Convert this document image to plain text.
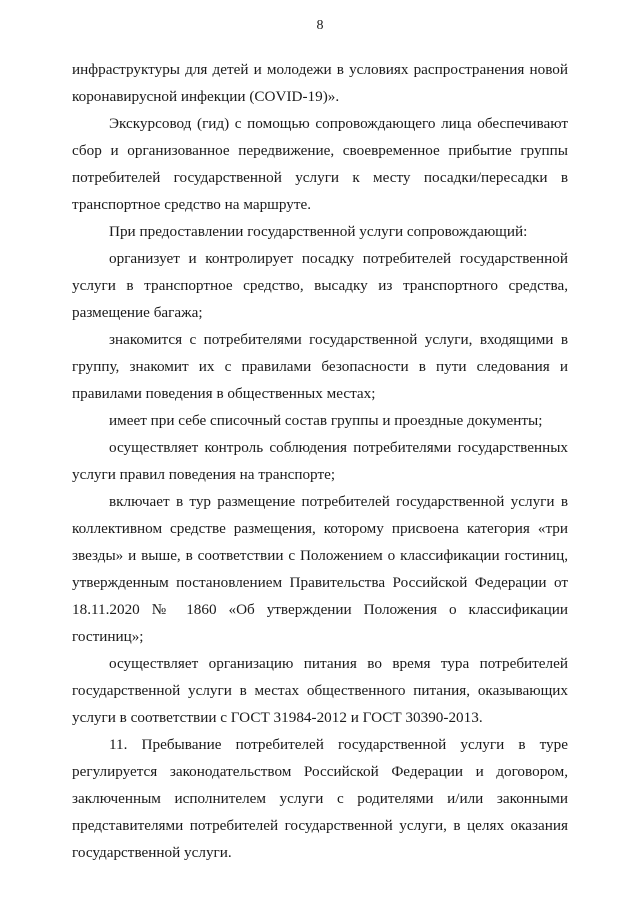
8

инфраструктуры для детей и молодежи в условиях распространения новой коронавирусной инфекции (COVID-19)».

Экскурсовод (гид) с помощью сопровождающего лица обеспечивают сбор и организованное передвижение, своевременное прибытие группы потребителей государственной услуги к месту посадки/пересадки в транспортное средство на маршруте.

При предоставлении государственной услуги сопровождающий:

организует и контролирует посадку потребителей государственной услуги в транспортное средство, высадку из транспортного средства, размещение багажа;

знакомится с потребителями государственной услуги, входящими в группу, знакомит их с правилами безопасности в пути следования и правилами поведения в общественных местах;

имеет при себе списочный состав группы и проездные документы;

осуществляет контроль соблюдения потребителями государственных услуги правил поведения на транспорте;

включает в тур размещение потребителей государственной услуги в коллективном средстве размещения, которому присвоена категория «три звезды» и выше, в соответствии с Положением о классификации гостиниц, утвержденным постановлением Правительства Российской Федерации от 18.11.2020 № 1860 «Об утверждении Положения о классификации гостиниц»;

осуществляет организацию питания во время тура потребителей государственной услуги в местах общественного питания, оказывающих услуги в соответствии с ГОСТ 31984-2012 и ГОСТ 30390-2013.

11. Пребывание потребителей государственной услуги в туре регулируется законодательством Российской Федерации и договором, заключенным исполнителем услуги с родителями и/или законными представителями потребителей государственной услуги, в целях оказания государственной услуги.
